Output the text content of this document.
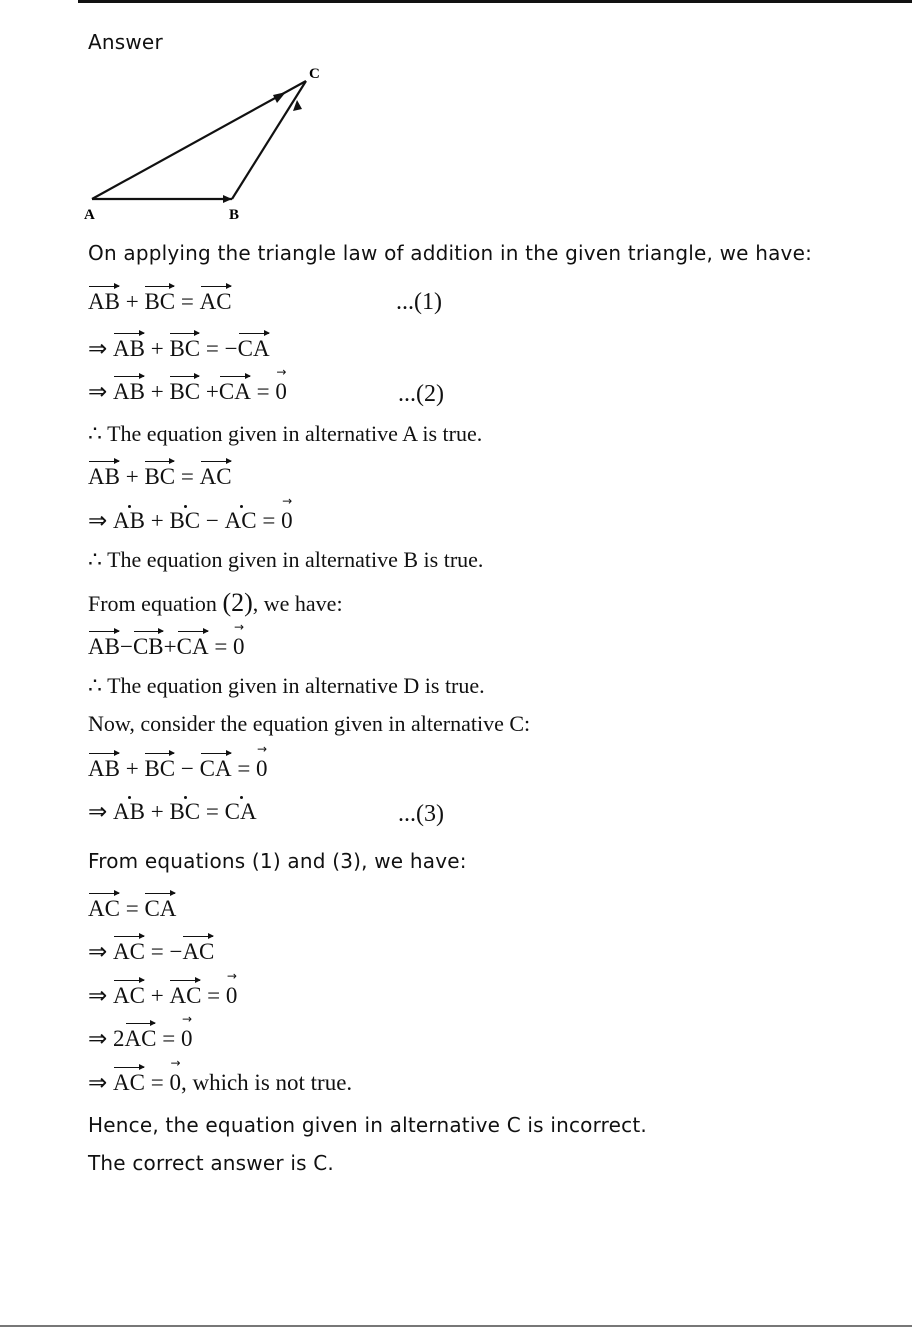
Answer
A	B
C
On applying the triangle law of addition in the given triangle, we have:
AB + BC = AC	...(1)
⇒ AB + BC = −CA
⇒ AB + BC +CA = → 0	...(2)
∴ The equation given in alternative A is true.
AB + BC = AC
⇒ AB + BC − AC = → 0
∴ The equation given in alternative B is true.
From equation (2), we have:
AB−CB+CA = → 0
∴ The equation given in alternative D is true.
Now, consider the equation given in alternative C:
AB + BC − CA = → 0
⇒ AB + BC = CA	...(3)
From equations (1) and (3), we have:
AC = CA
⇒ AC = −AC
⇒ AC + AC = → 0
⇒ 2AC = → 0
⇒ AC = → 0, which is not true.
Hence, the equation given in alternative C is incorrect.
The correct answer is C.
